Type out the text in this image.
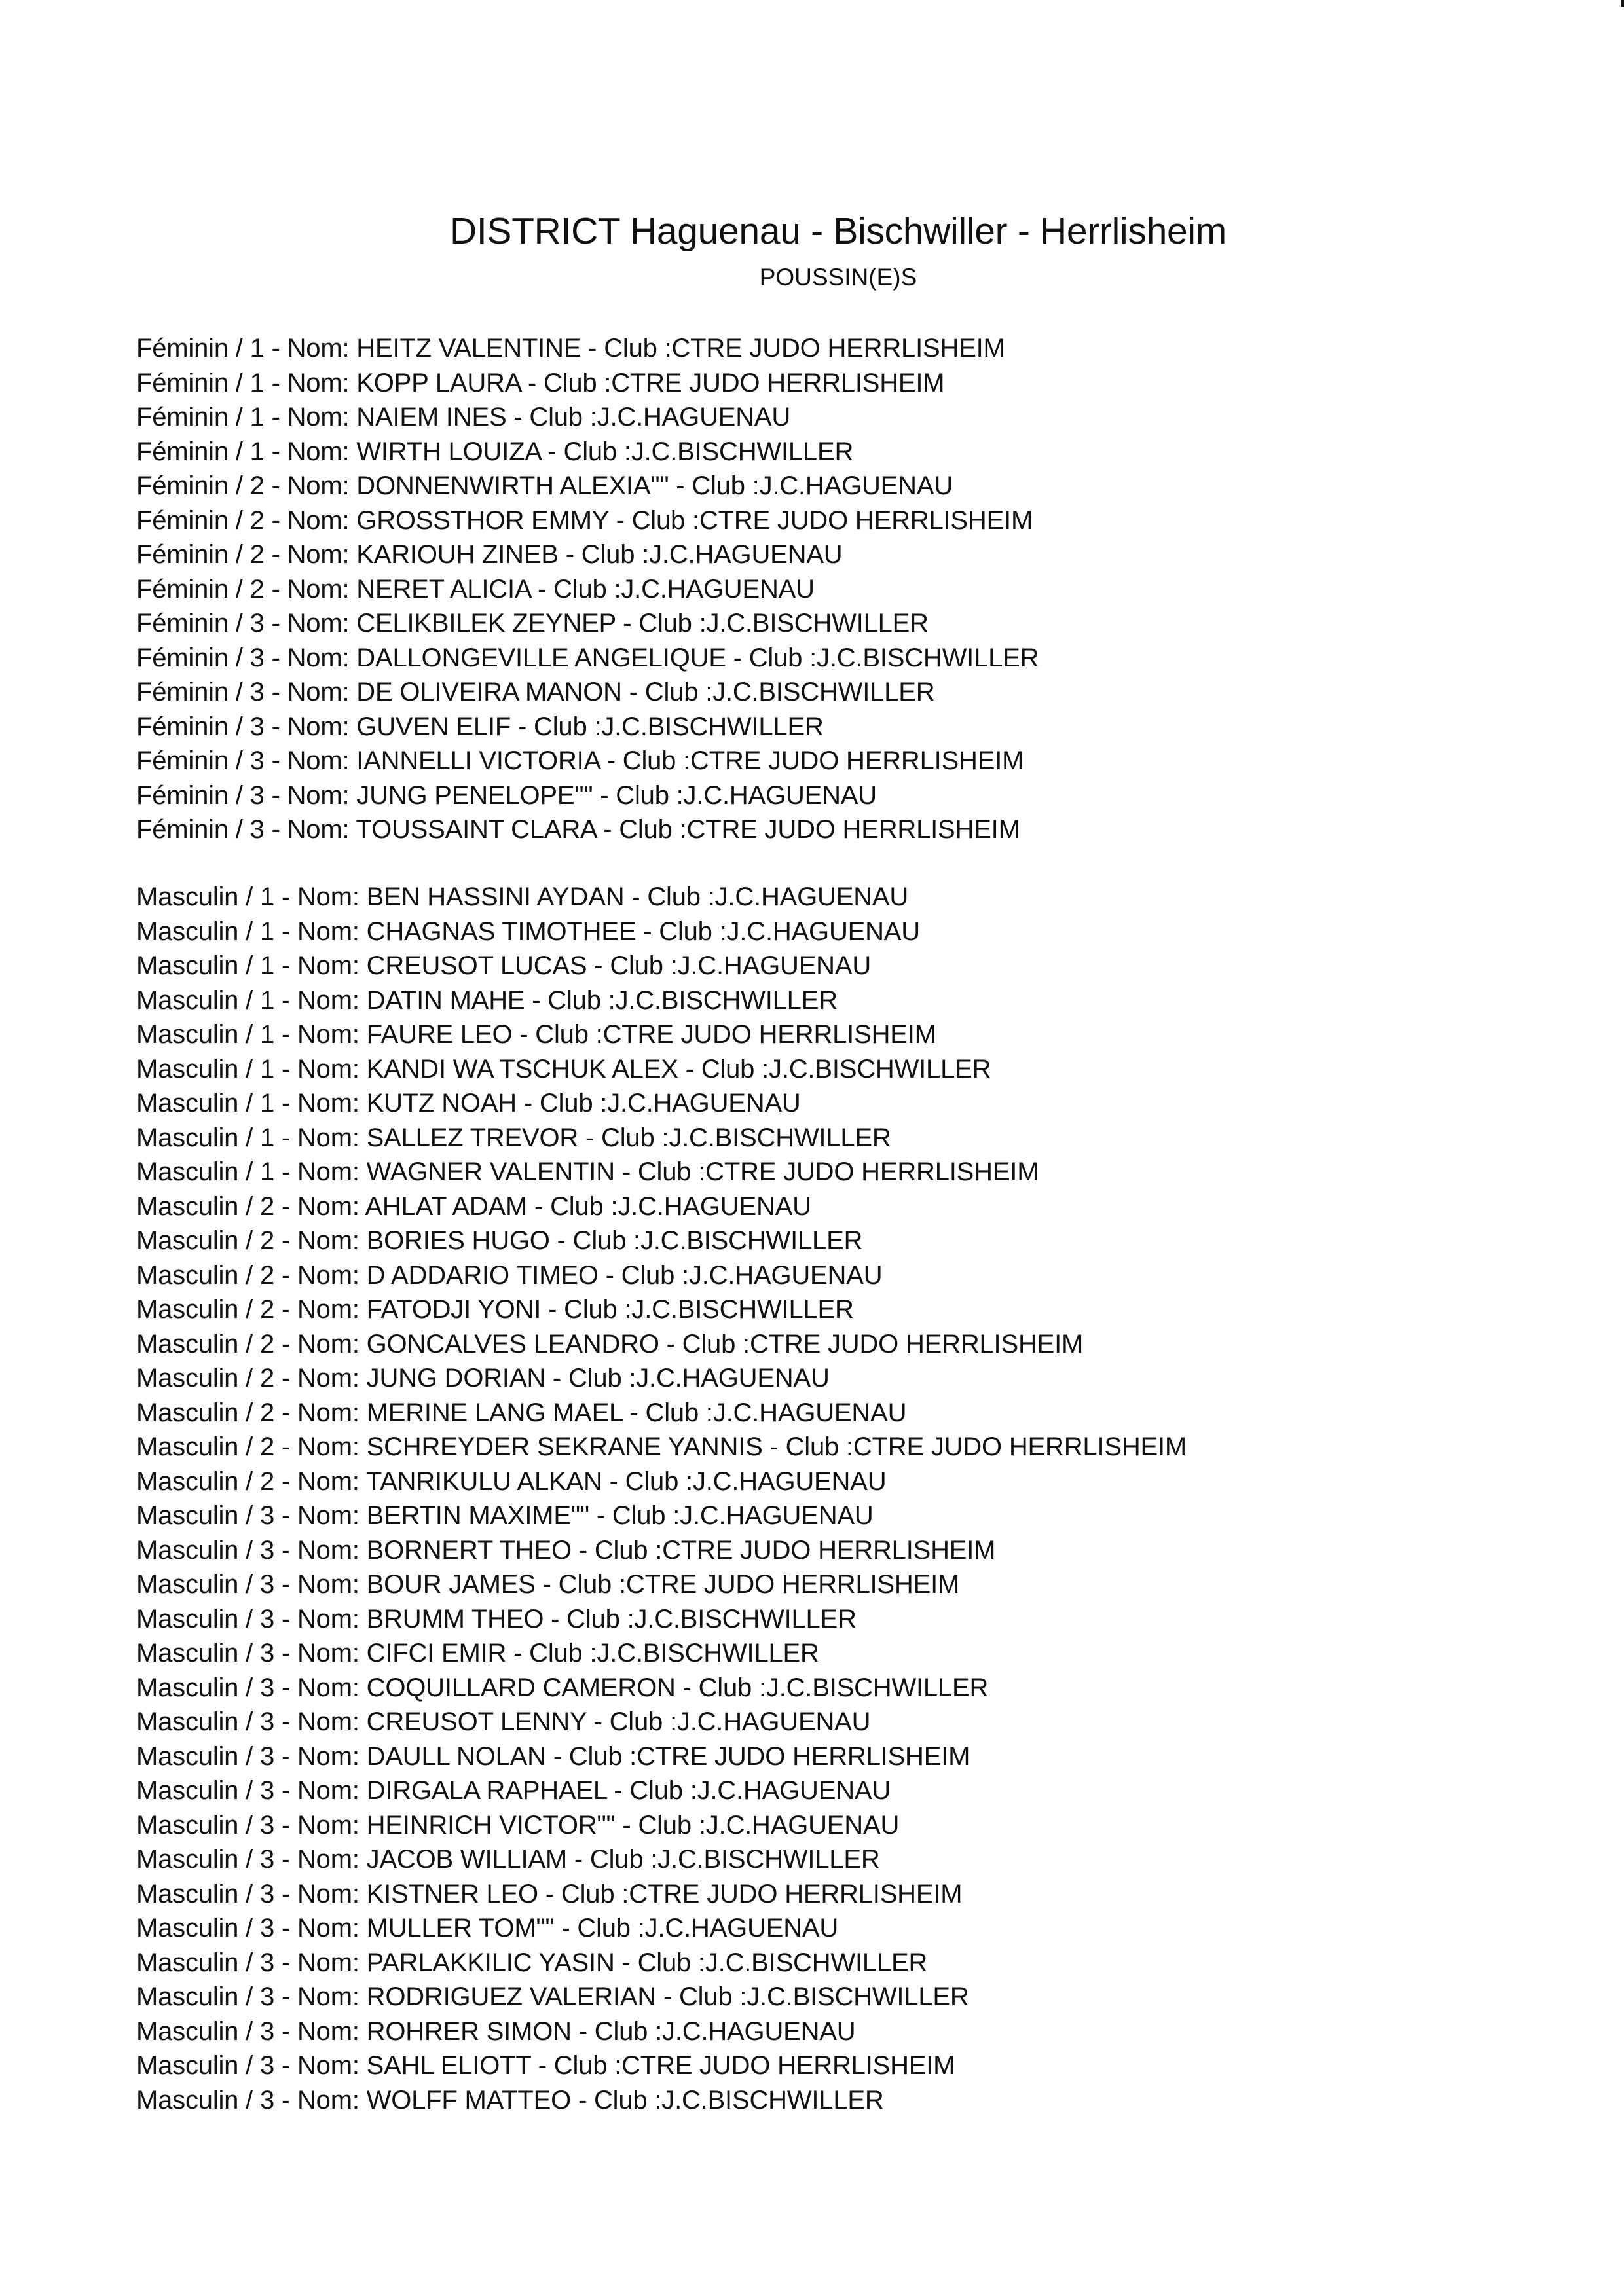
DISTRICT Haguenau - Bischwiller - Herrlisheim
POUSSIN(E)S
Féminin / 1 - Nom: HEITZ VALENTINE - Club :CTRE JUDO HERRLISHEIM
Féminin / 1 - Nom: KOPP LAURA - Club :CTRE JUDO HERRLISHEIM
Féminin / 1 - Nom: NAIEM INES - Club :J.C.HAGUENAU
Féminin / 1 - Nom: WIRTH LOUIZA - Club :J.C.BISCHWILLER
Féminin / 2 - Nom: DONNENWIRTH ALEXIA"" - Club :J.C.HAGUENAU
Féminin / 2 - Nom: GROSSTHOR EMMY - Club :CTRE JUDO HERRLISHEIM
Féminin / 2 - Nom: KARIOUH ZINEB - Club :J.C.HAGUENAU
Féminin / 2 - Nom: NERET ALICIA - Club :J.C.HAGUENAU
Féminin / 3 - Nom: CELIKBILEK ZEYNEP - Club :J.C.BISCHWILLER
Féminin / 3 - Nom: DALLONGEVILLE ANGELIQUE - Club :J.C.BISCHWILLER
Féminin / 3 - Nom: DE OLIVEIRA MANON - Club :J.C.BISCHWILLER
Féminin / 3 - Nom: GUVEN ELIF - Club :J.C.BISCHWILLER
Féminin / 3 - Nom: IANNELLI VICTORIA - Club :CTRE JUDO HERRLISHEIM
Féminin / 3 - Nom: JUNG PENELOPE"" - Club :J.C.HAGUENAU
Féminin / 3 - Nom: TOUSSAINT CLARA - Club :CTRE JUDO HERRLISHEIM
Masculin / 1 - Nom: BEN HASSINI AYDAN - Club :J.C.HAGUENAU
Masculin / 1 - Nom: CHAGNAS TIMOTHEE - Club :J.C.HAGUENAU
Masculin / 1 - Nom: CREUSOT LUCAS - Club :J.C.HAGUENAU
Masculin / 1 - Nom: DATIN MAHE - Club :J.C.BISCHWILLER
Masculin / 1 - Nom: FAURE LEO - Club :CTRE JUDO HERRLISHEIM
Masculin / 1 - Nom: KANDI WA TSCHUK ALEX - Club :J.C.BISCHWILLER
Masculin / 1 - Nom: KUTZ NOAH - Club :J.C.HAGUENAU
Masculin / 1 - Nom: SALLEZ TREVOR - Club :J.C.BISCHWILLER
Masculin / 1 - Nom: WAGNER VALENTIN - Club :CTRE JUDO HERRLISHEIM
Masculin / 2 - Nom: AHLAT ADAM - Club :J.C.HAGUENAU
Masculin / 2 - Nom: BORIES HUGO - Club :J.C.BISCHWILLER
Masculin / 2 - Nom: D ADDARIO TIMEO - Club :J.C.HAGUENAU
Masculin / 2 - Nom: FATODJI YONI - Club :J.C.BISCHWILLER
Masculin / 2 - Nom: GONCALVES LEANDRO - Club :CTRE JUDO HERRLISHEIM
Masculin / 2 - Nom: JUNG DORIAN - Club :J.C.HAGUENAU
Masculin / 2 - Nom: MERINE LANG MAEL - Club :J.C.HAGUENAU
Masculin / 2 - Nom: SCHREYDER SEKRANE YANNIS - Club :CTRE JUDO HERRLISHEIM
Masculin / 2 - Nom: TANRIKULU ALKAN - Club :J.C.HAGUENAU
Masculin / 3 - Nom: BERTIN MAXIME"" - Club :J.C.HAGUENAU
Masculin / 3 - Nom: BORNERT THEO - Club :CTRE JUDO HERRLISHEIM
Masculin / 3 - Nom: BOUR JAMES - Club :CTRE JUDO HERRLISHEIM
Masculin / 3 - Nom: BRUMM THEO - Club :J.C.BISCHWILLER
Masculin / 3 - Nom: CIFCI EMIR - Club :J.C.BISCHWILLER
Masculin / 3 - Nom: COQUILLARD CAMERON - Club :J.C.BISCHWILLER
Masculin / 3 - Nom: CREUSOT LENNY - Club :J.C.HAGUENAU
Masculin / 3 - Nom: DAULL NOLAN - Club :CTRE JUDO HERRLISHEIM
Masculin / 3 - Nom: DIRGALA RAPHAEL - Club :J.C.HAGUENAU
Masculin / 3 - Nom: HEINRICH VICTOR"" - Club :J.C.HAGUENAU
Masculin / 3 - Nom: JACOB WILLIAM - Club :J.C.BISCHWILLER
Masculin / 3 - Nom: KISTNER LEO - Club :CTRE JUDO HERRLISHEIM
Masculin / 3 - Nom: MULLER TOM"" - Club :J.C.HAGUENAU
Masculin / 3 - Nom: PARLAKKILIC YASIN - Club :J.C.BISCHWILLER
Masculin / 3 - Nom: RODRIGUEZ VALERIAN - Club :J.C.BISCHWILLER
Masculin / 3 - Nom: ROHRER SIMON - Club :J.C.HAGUENAU
Masculin / 3 - Nom: SAHL ELIOTT - Club :CTRE JUDO HERRLISHEIM
Masculin / 3 - Nom: WOLFF MATTEO - Club :J.C.BISCHWILLER
